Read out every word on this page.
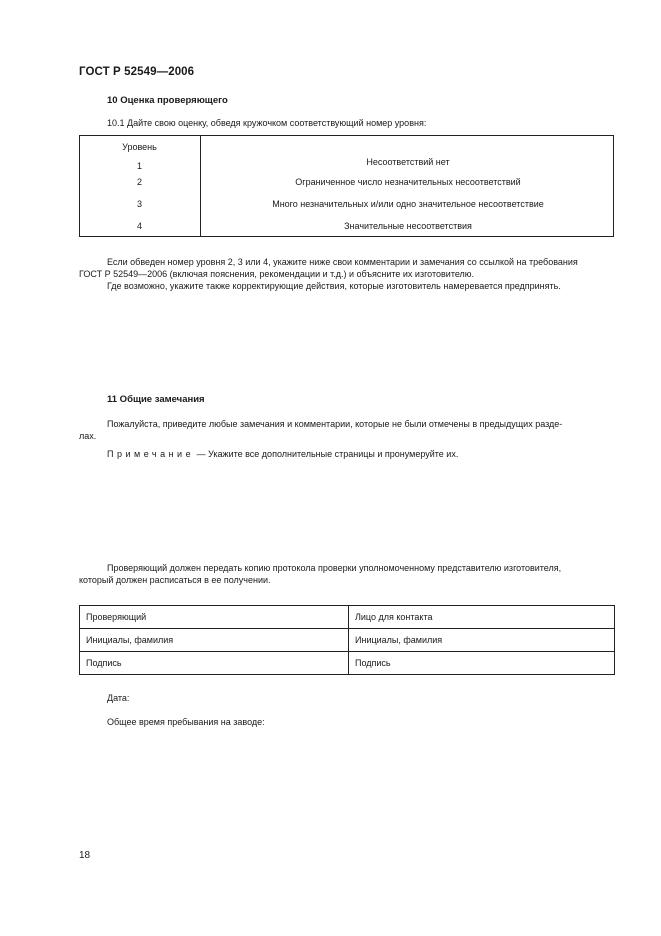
ГОСТ Р 52549—2006
10 Оценка проверяющего
10.1 Дайте свою оценку, обведя кружочком соответствующий номер уровня:
Уровень
1	Несоответствий нет
2	Ограниченное число незначительных несоответствий
3	Много незначительных и/или одно значительное несоответствие
4	Значительные несоответствия
Если обведен номер уровня 2, 3 или 4, укажите ниже свои комментарии и замечания со ссылкой на требования
ГОСТ Р 52549—2006 (включая пояснения, рекомендации и т.д.) и объясните их изготовителю.
Где возможно, укажите также корректирующие действия, которые изготовитель намеревается предпринять.
11 Общие замечания
Пожалуйста, приведите любые замечания и комментарии, которые не были отмечены в предыдущих разде-
лах.
Примечание — Укажите все дополнительные страницы и пронумеруйте их.
Проверяющий должен передать копию протокола проверки уполномоченному представителю изготовителя,
который должен расписаться в ее получении.
Проверяющий	Лицо для контакта
Инициалы, фамилия	Инициалы, фамилия
Подпись	Подпись
Дата:
Общее время пребывания на заводе:
18
